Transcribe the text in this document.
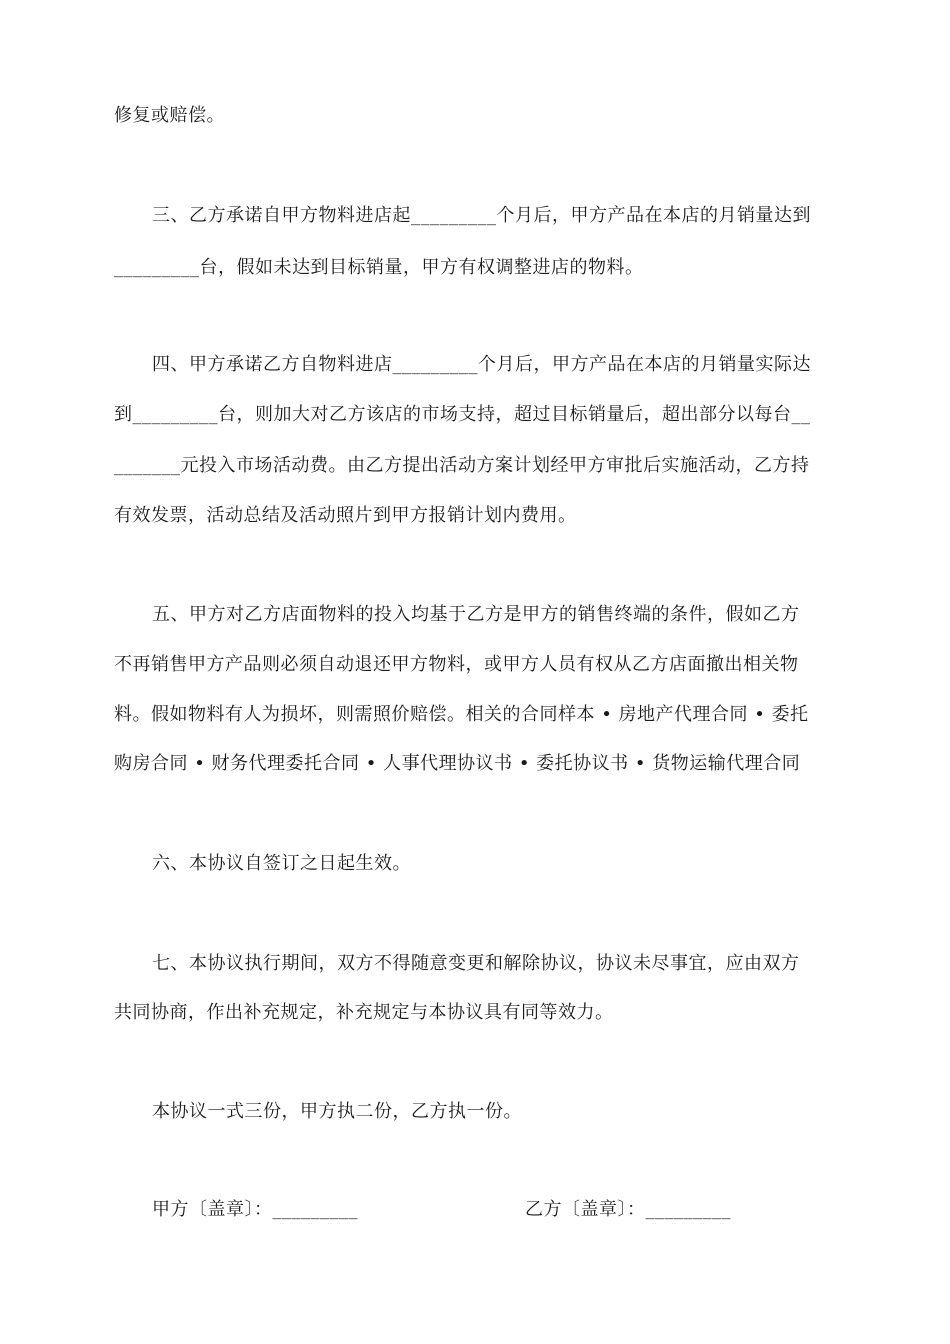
修复或赔偿。
三、乙方承诺自甲方物料进店起_________个月后，甲方产品在本店的月销量达到
_________台，假如未达到目标销量，甲方有权调整进店的物料。
四、甲方承诺乙方自物料进店_________个月后，甲方产品在本店的月销量实际达
到_________台，则加大对乙方该店的市场支持，超过目标销量后，超出部分以每台__
_______元投入市场活动费。由乙方提出活动方案计划经甲方审批后实施活动，乙方持
有效发票，活动总结及活动照片到甲方报销计划内费用。
五、甲方对乙方店面物料的投入均基于乙方是甲方的销售终端的条件，假如乙方
不再销售甲方产品则必须自动退还甲方物料，或甲方人员有权从乙方店面撤出相关物
料。假如物料有人为损坏，则需照价赔偿。相关的合同样本 • 房地产代理合同 • 委托
购房合同 • 财务代理委托合同 • 人事代理协议书 • 委托协议书 • 货物运输代理合同
六、本协议自签订之日起生效。
七、本协议执行期间，双方不得随意变更和解除协议，协议未尽事宜，应由双方
共同协商，作出补充规定，补充规定与本协议具有同等效力。
本协议一式三份，甲方执二份，乙方执一份。
甲方〔盖章〕：_________	乙方〔盖章〕：_________
